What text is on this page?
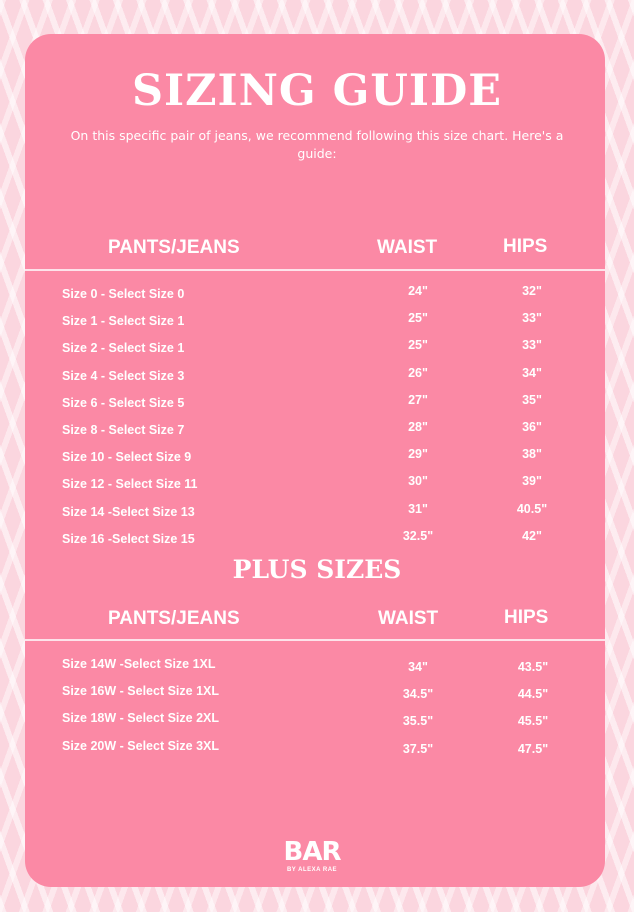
SIZING GUIDE
On this specific pair of jeans, we recommend following this size chart. Here's a guide:
PANTS/JEANS	WAIST	HIPS
Size 0 - Select Size 0	24"	32"
Size 1 - Select Size 1	25"	33"
Size 2 - Select Size 1	25"	33"
Size 4 - Select Size 3	26"	34"
Size 6 - Select Size 5	27"	35"
Size 8 - Select Size 7	28"	36"
Size 10 - Select Size 9	29"	38"
Size 12 - Select Size 11	30"	39"
Size 14 -Select Size 13	31"	40.5"
Size 16 -Select Size 15	32.5"	42"
PLUS SIZES
PANTS/JEANS	WAIST	HIPS
Size 14W -Select Size 1XL	34"	43.5"
Size 16W - Select Size 1XL	34.5"	44.5"
Size 18W - Select Size 2XL	35.5"	45.5"
Size 20W - Select Size 3XL	37.5"	47.5"
BAR
BY ALEXA RAE
